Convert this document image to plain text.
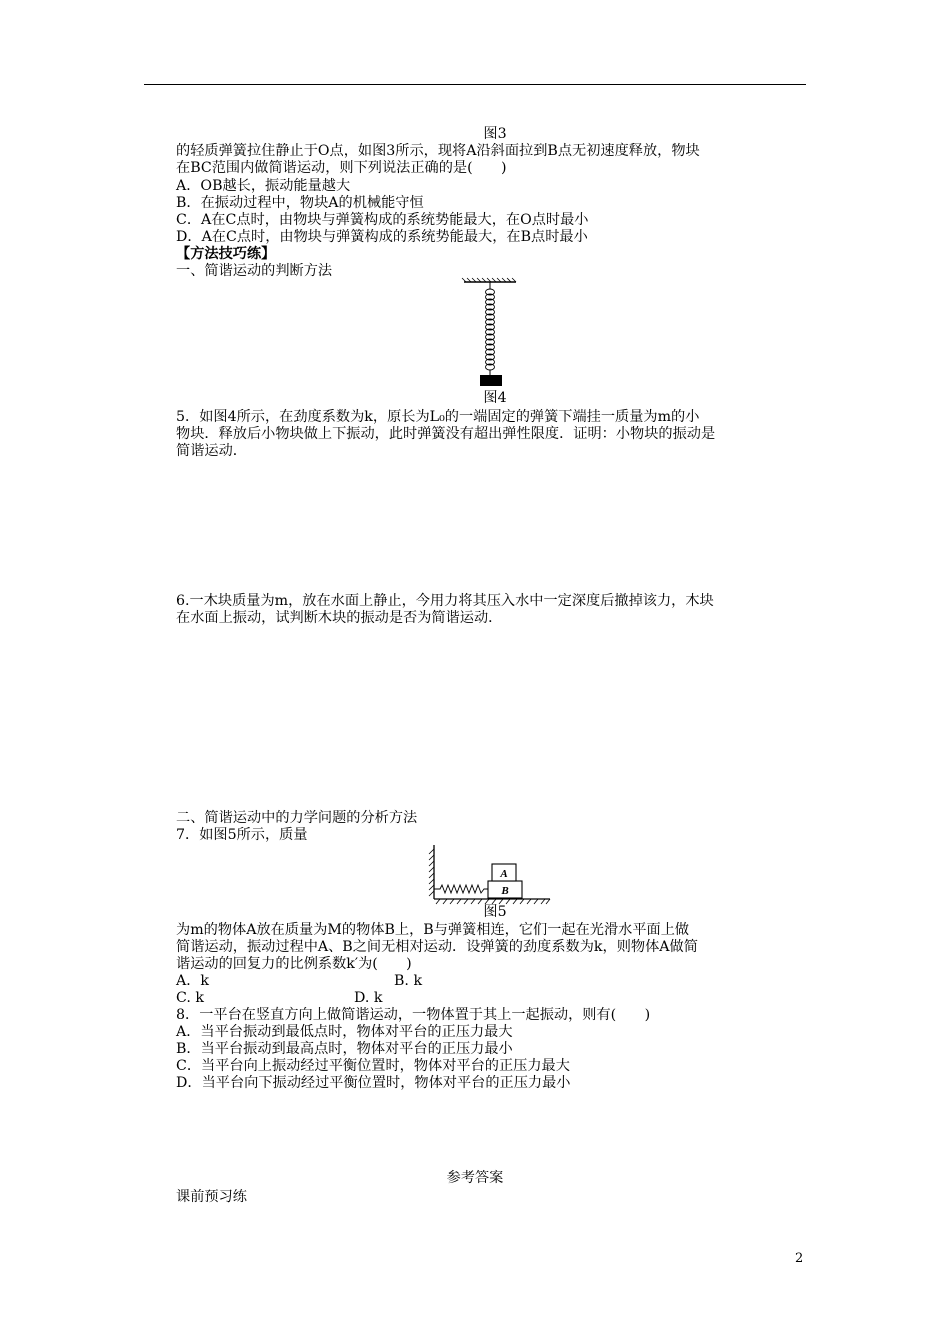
图3
的轻质弹簧拉住静止于O点，如图3所示，现将A沿斜面拉到B点无初速度释放，物块
在BC范围内做简谐运动，则下列说法正确的是(　　)
A．OB越长，振动能量越大
B．在振动过程中，物块A的机械能守恒
C．A在C点时，由物块与弹簧构成的系统势能最大，在O点时最小
D．A在C点时，由物块与弹簧构成的系统势能最大，在B点时最小
【方法技巧练】
一、简谐运动的判断方法
图4
5．如图4所示，在劲度系数为k，原长为L₀的一端固定的弹簧下端挂一质量为m的小
物块．释放后小物块做上下振动，此时弹簧没有超出弹性限度．证明：小物块的振动是
简谐运动．
6.一木块质量为m，放在水面上静止，今用力将其压入水中一定深度后撤掉该力，木块
在水面上振动，试判断木块的振动是否为简谐运动．
二、简谐运动中的力学问题的分析方法
7．如图5所示，质量
A
B
图5
为m的物体A放在质量为M的物体B上，B与弹簧相连，它们一起在光滑水平面上做
简谐运动，振动过程中A、B之间无相对运动．设弹簧的劲度系数为k，则物体A做简
谐运动的回复力的比例系数k′为(　　)
A．k	B. k
C. k	D. k
8．一平台在竖直方向上做简谐运动，一物体置于其上一起振动，则有(　　)
A．当平台振动到最低点时，物体对平台的正压力最大
B．当平台振动到最高点时，物体对平台的正压力最小
C．当平台向上振动经过平衡位置时，物体对平台的正压力最大
D．当平台向下振动经过平衡位置时，物体对平台的正压力最小
参考答案
课前预习练
2
